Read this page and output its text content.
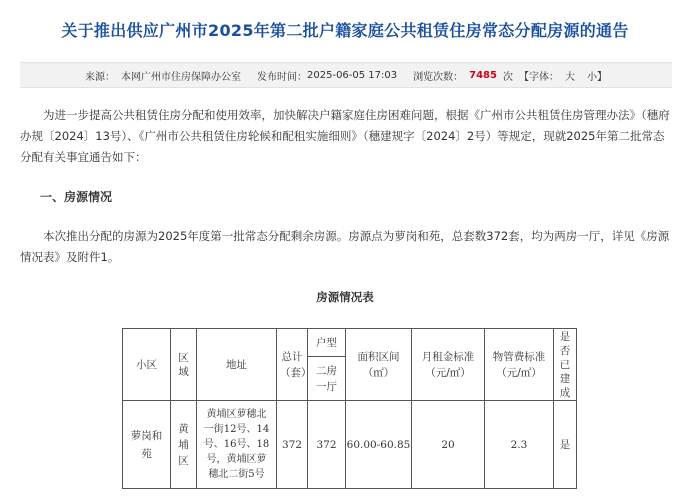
关于推出供应广州市2025年第二批户籍家庭公共租赁住房常态分配房源的通告
来源： 本网广州市住房保障办公室 发布时间： 2025-06-05 17:03 浏览次数： 7485 次 【字体： 大 小 】
为进一步提高公共租赁住房分配和使用效率，加快解决户籍家庭住房困难问题，根据《广州市公共租赁住房管理办法》（穗府办规〔2024〕13号）、《广州市公共租赁住房轮候和配租实施细则》（穗建规字〔2024〕2号）等规定，现就2025年第二批常态分配有关事宜通告如下：
一、房源情况
本次推出分配的房源为2025年度第一批常态分配剩余房源。房源点为萝岗和苑，总套数372套，均为两房一厅，详见《房源情况表》及附件1。
房源情况表
小区	区域	地址	总计（套）	户型	面积区间（㎡）	月租金标准（元/㎡）	物管费标准（元/㎡）	是否已建成
				二房一厅				
萝岗和苑	黄埔区	黄埔区萝穗北一街12号、14号、16号、18号，黄埔区萝穗北二街5号	372	372	60.00-60.85	20	2.3	是
